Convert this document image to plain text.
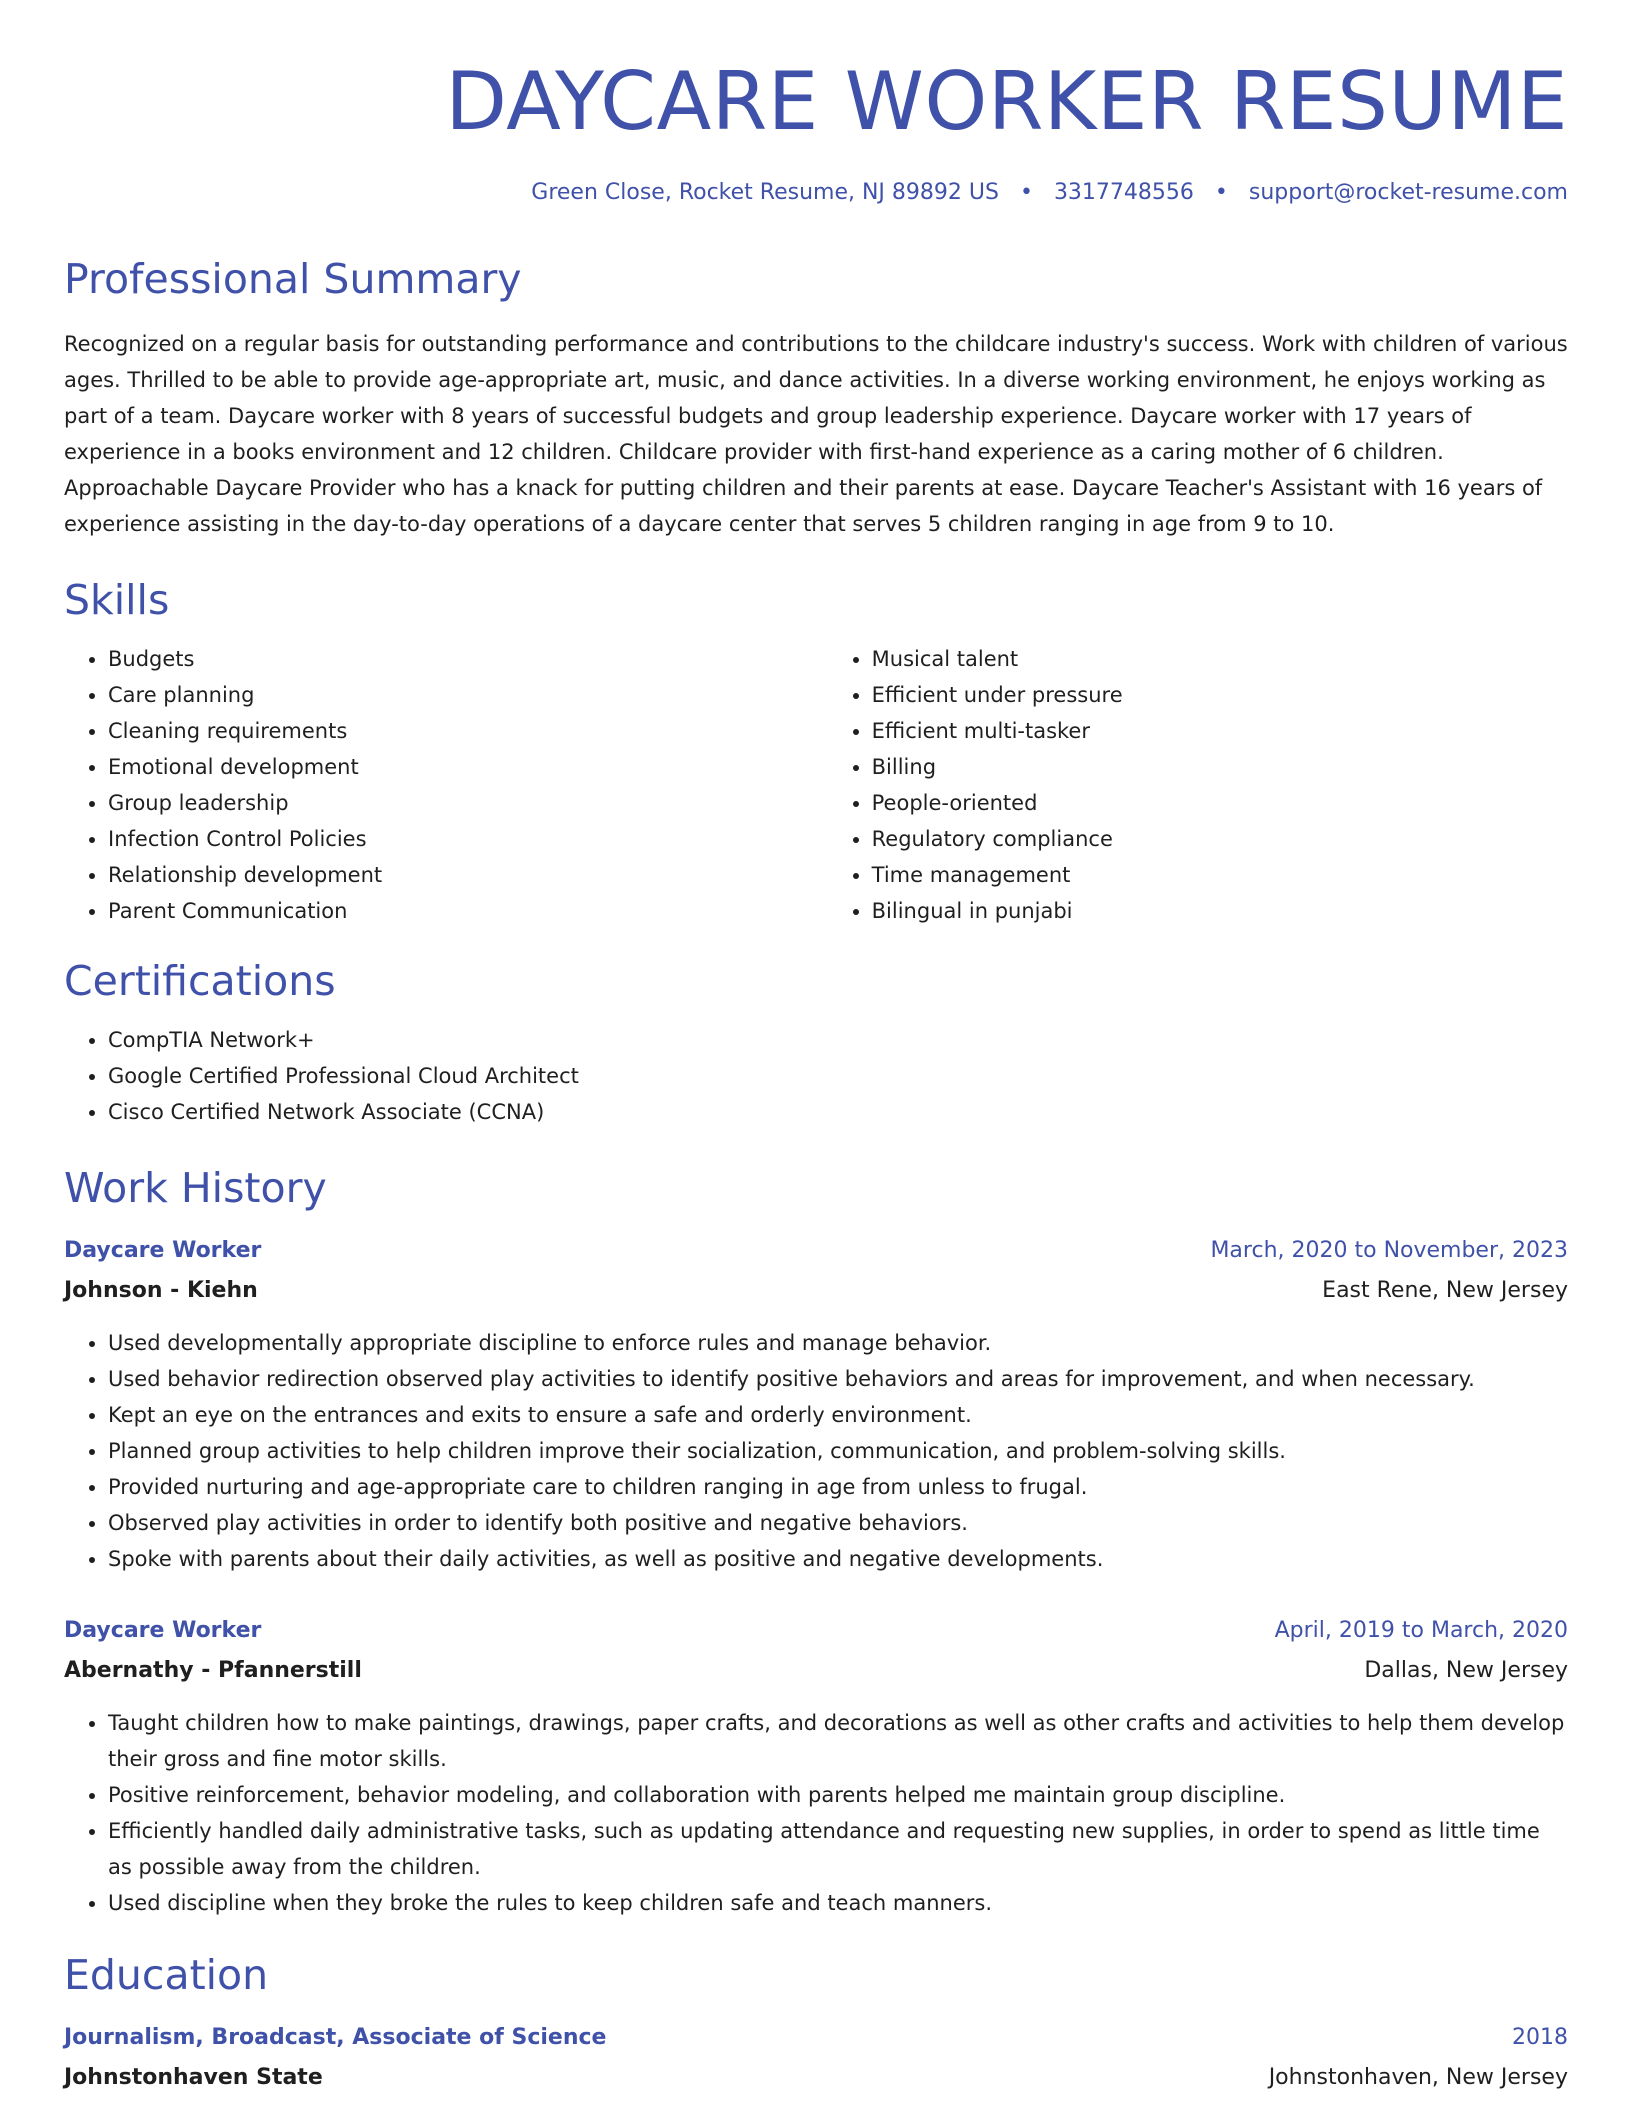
DAYCARE WORKER RESUME
Green Close, Rocket Resume, NJ 89892 US • 3317748556 • support@rocket-resume.com
Professional Summary

Recognized on a regular basis for outstanding performance and contributions to the childcare industry's success. Work with children of various ages. Thrilled to be able to provide age-appropriate art, music, and dance activities. In a diverse working environment, he enjoys working as part of a team. Daycare worker with 8 years of successful budgets and group leadership experience. Daycare worker with 17 years of experience in a books environment and 12 children. Childcare provider with first-hand experience as a caring mother of 6 children. Approachable Daycare Provider who has a knack for putting children and their parents at ease. Daycare Teacher's Assistant with 16 years of experience assisting in the day-to-day operations of a daycare center that serves 5 children ranging in age from 9 to 10.

Skills
• Budgets
• Care planning
• Cleaning requirements
• Emotional development
• Group leadership
• Infection Control Policies
• Relationship development
• Parent Communication
• Musical talent
• Efficient under pressure
• Efficient multi-tasker
• Billing
• People-oriented
• Regulatory compliance
• Time management
• Bilingual in punjabi
Certifications
• CompTIA Network+
• Google Certified Professional Cloud Architect
• Cisco Certified Network Associate (CCNA)
Work History
Daycare Worker	March, 2020 to November, 2023
Johnson - Kiehn	East Rene, New Jersey
• Used developmentally appropriate discipline to enforce rules and manage behavior.
• Used behavior redirection observed play activities to identify positive behaviors and areas for improvement, and when necessary.
• Kept an eye on the entrances and exits to ensure a safe and orderly environment.
• Planned group activities to help children improve their socialization, communication, and problem-solving skills.
• Provided nurturing and age-appropriate care to children ranging in age from unless to frugal.
• Observed play activities in order to identify both positive and negative behaviors.
• Spoke with parents about their daily activities, as well as positive and negative developments.
Daycare Worker	April, 2019 to March, 2020
Abernathy - Pfannerstill	Dallas, New Jersey
• Taught children how to make paintings, drawings, paper crafts, and decorations as well as other crafts and activities to help them develop their gross and fine motor skills.
• Positive reinforcement, behavior modeling, and collaboration with parents helped me maintain group discipline.
• Efficiently handled daily administrative tasks, such as updating attendance and requesting new supplies, in order to spend as little time as possible away from the children.
• Used discipline when they broke the rules to keep children safe and teach manners.
Education
Journalism, Broadcast, Associate of Science	2018
Johnstonhaven State	Johnstonhaven, New Jersey
